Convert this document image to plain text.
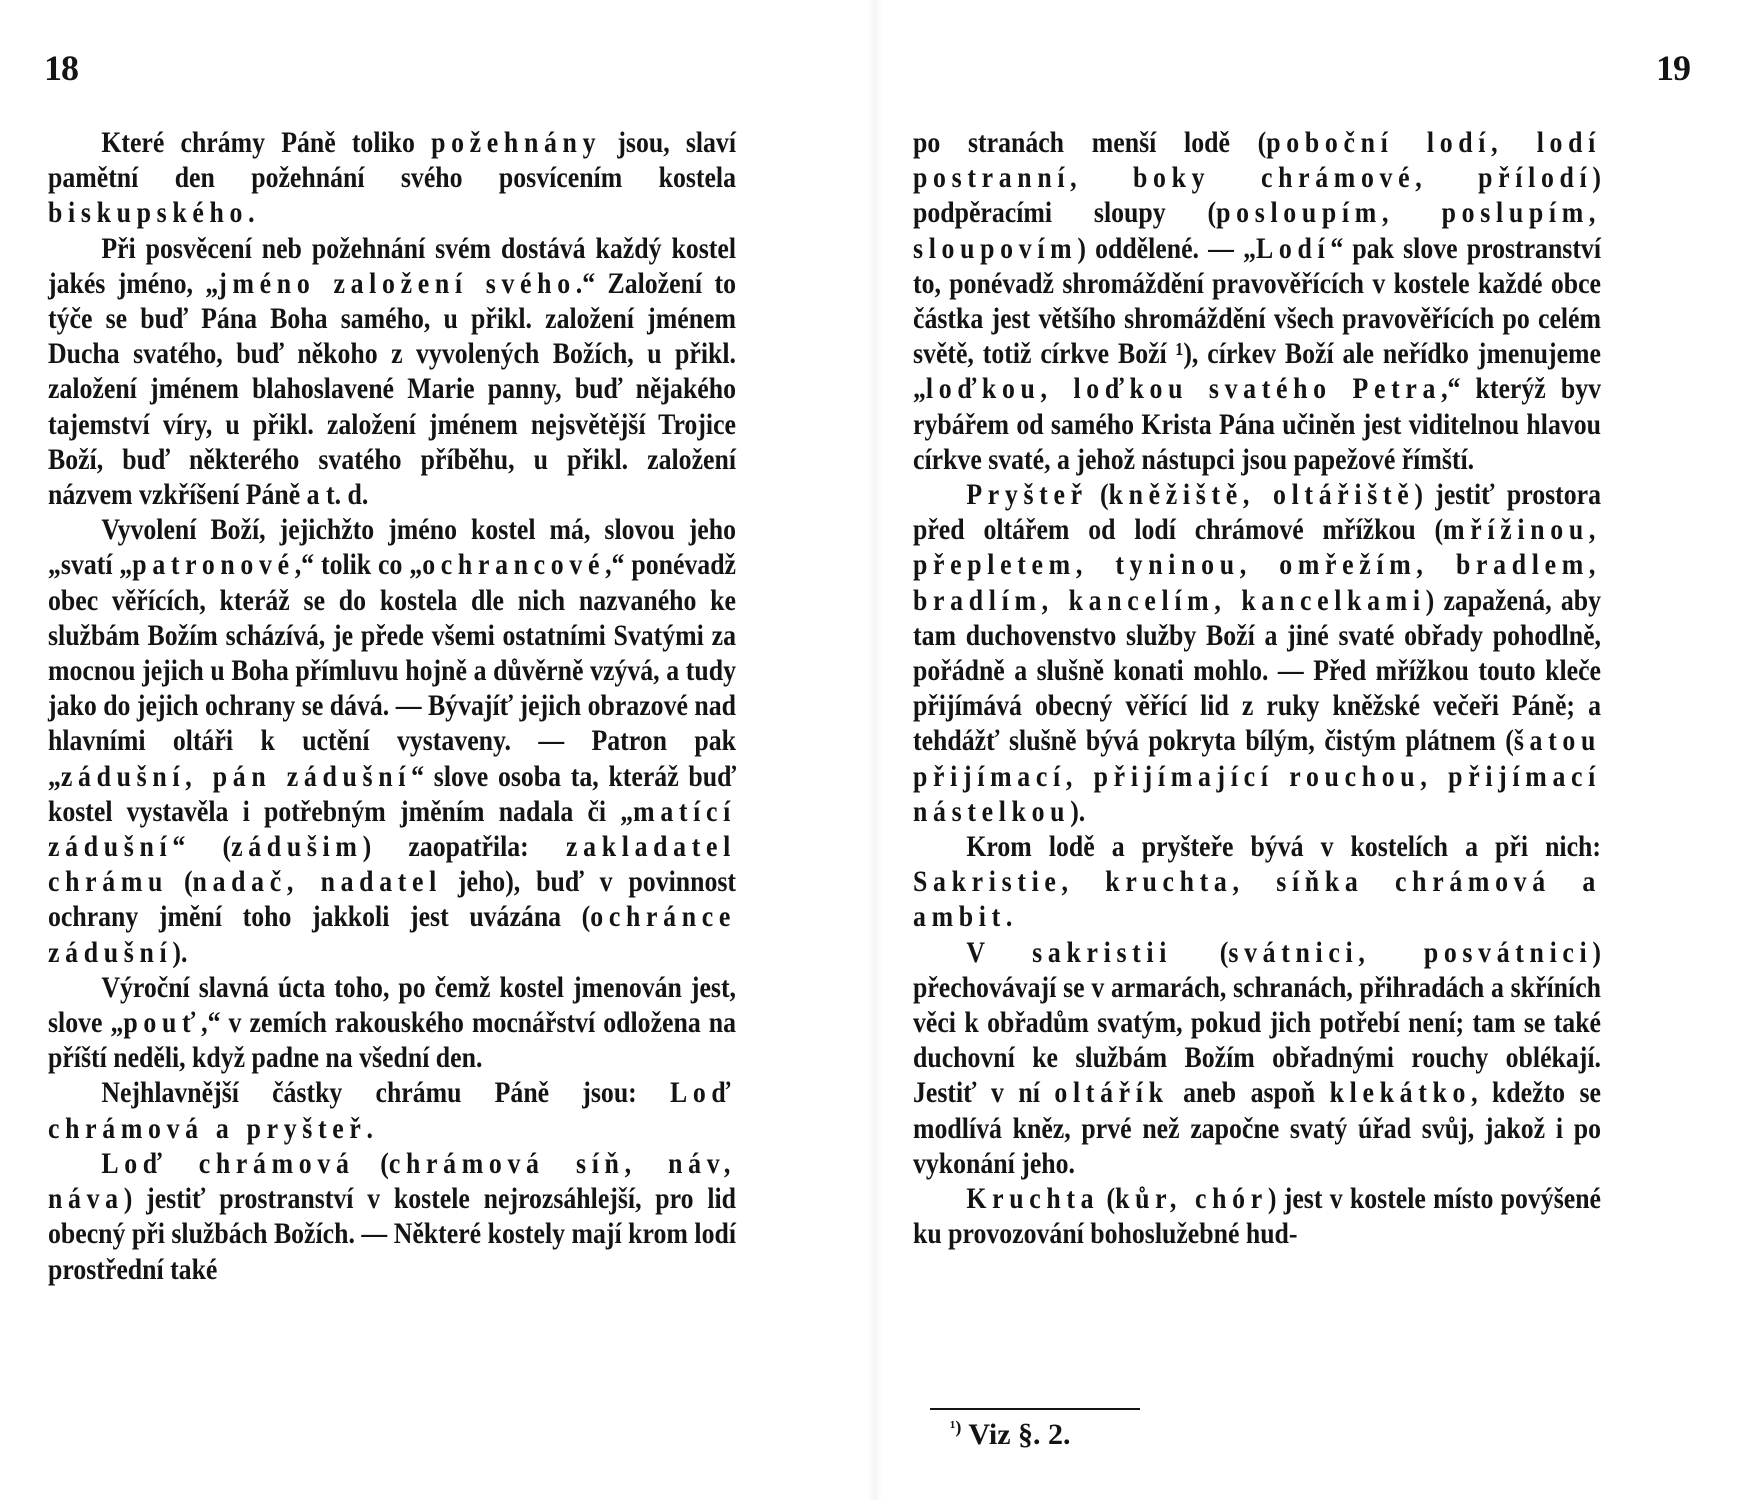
18

Které chrámy Páně toliko požehnány jsou, slaví pamětní den požehnání svého posvícením kostela biskupského.

Při posvěcení neb požehnání svém dostává každý kostel jakés jméno, „jméno založení svého.“ Založení to týče se buď Pána Boha samého, u přikl. založení jménem Ducha svatého, buď někoho z vyvolených Božích, u přikl. založení jménem blahoslavené Marie panny, buď nějakého tajemství víry, u přikl. založení jménem nejsvětější Trojice Boží, buď některého svatého příběhu, u přikl. založení názvem vzkříšení Páně a t. d.

Vyvolení Boží, jejichžto jméno kostel má, slovou jeho „svatí „patronové,“ tolik co „ochrancové,“ ponévadž obec věřících, kteráž se do kostela dle nich nazvaného ke službám Božím scházívá, je přede všemi ostatními Svatými za mocnou jejich u Boha přímluvu hojně a důvěrně vzývá, a tudy jako do jejich ochrany se dává. — Bývajíť jejich obrazové nad hlavními oltáři k uctění vystaveny. — Patron pak „zádušní, pán zádušní“ slove osoba ta, kteráž buď kostel vystavěla i potřebným jměním nadala či „matící zádušní“ (zádušim) zaopatřila: zakladatel chrámu (nadač, nadatel jeho), buď v povinnost ochrany jmění toho jakkoli jest uvázána (ochránce zádušní).

Výroční slavná úcta toho, po čemž kostel jmenován jest, slove „pouť,“ v zemích rakouského mocnářství odložena na příští neděli, když padne na všední den.

Nejhlavnější částky chrámu Páně jsou: Loď chrámová a pryšteř.

Loď chrámová (chrámová síň, náv, náva) jestiť prostranství v kostele nejrozsáhlejší, pro lid obecný při službách Božích. — Některé kostely mají krom lodí prostřední také

19

po stranách menší lodě (poboční lodí, lodí postranní, boky chrámové, přílodí) podpěracími sloupy (posloupím, poslupím, sloupovím) oddělené. — „Lodí“ pak slove prostranství to, ponévadž shromáždění pravověřících v kostele každé obce částka jest většího shromáždění všech pravověřících po celém světě, totiž církve Boží ¹), církev Boží ale neřídko jmenujeme „loďkou, loďkou svatého Petra,“ kterýž byv rybářem od samého Krista Pána učiněn jest viditelnou hlavou církve svaté, a jehož nástupci jsou papežové římští.

Pryšteř (kněžiště, oltářiště) jestiť prostora před oltářem od lodí chrámové mřížkou (mřížinou, přepletem, tyninou, omřežím, bradlem, bradlím, kancelím, kancelkami) zapažená, aby tam duchovenstvo služby Boží a jiné svaté obřady pohodlně, pořádně a slušně konati mohlo. — Před mřížkou touto kleče přijímává obecný věřící lid z ruky kněžské večeři Páně; a tehdážť slušně bývá pokryta bílým, čistým plátnem (šatou přijímací, přijímající rouchou, přijímací nástelkou).

Krom lodě a pryštеře bývá v kostelích a při nich: Sakristie, kruchta, síňka chrámová a ambit.

V sakristii (svátnici, posvátnici) přechovávají se v armarách, schranách, přihradách a skříních věci k obřadům svatým, pokud jich potřebí není; tam se také duchovní ke službám Božím obřadnými rouchy oblékají. Jestiť v ní oltářík aneb aspoň klekátko, kdežto se modlívá kněz, prvé než započne svatý úřad svůj, jakož i po vykonání jeho.

Kruchta (kůr, chór) jest v kostele místo povýšené ku provozování bohoslužebné hud-

$^{^1)}$ Viz §. 2.
